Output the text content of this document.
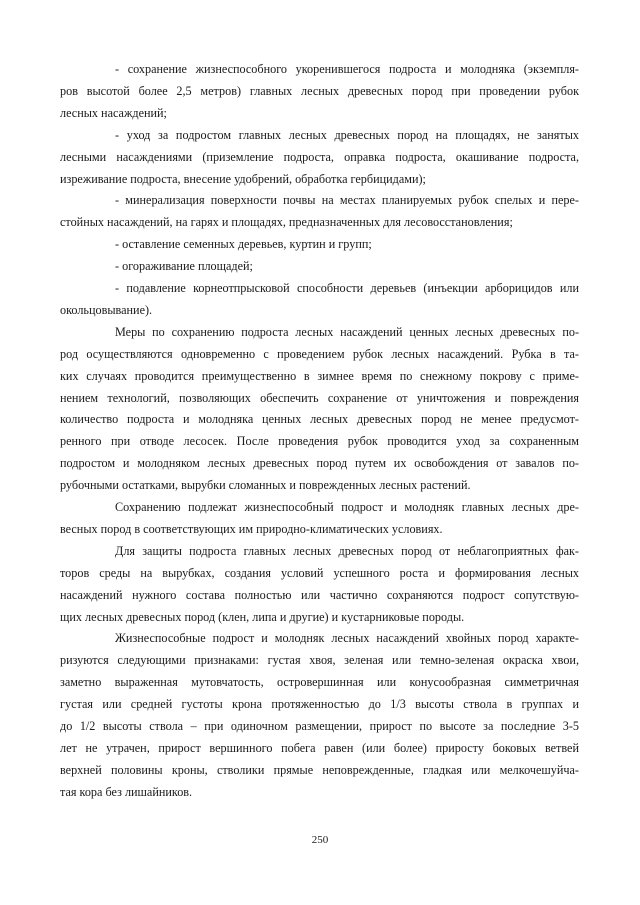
- сохранение жизнеспособного укоренившегося подроста и молодняка (экземпля-
ров высотой более 2,5 метров) главных лесных древесных пород при проведении рубок
лесных насаждений;
- уход за подростом главных лесных древесных пород на площадях, не занятых
лесными насаждениями (приземление подроста, оправка подроста, окашивание подроста,
изреживание подроста, внесение удобрений, обработка гербицидами);
- минерализация поверхности почвы на местах планируемых рубок спелых и пере-
стойных насаждений, на гарях и площадях, предназначенных для лесовосстановления;
- оставление семенных деревьев, куртин и групп;
- огораживание площадей;
- подавление корнеотпрысковой способности деревьев (инъекции арборицидов или
окольцовывание).
Меры по сохранению подроста лесных насаждений ценных лесных древесных по-
род осуществляются одновременно с проведением рубок лесных насаждений. Рубка в та-
ких случаях проводится преимущественно в зимнее время по снежному покрову с приме-
нением технологий, позволяющих обеспечить сохранение от уничтожения и повреждения
количество подроста и молодняка ценных лесных древесных пород не менее предусмот-
ренного при отводе лесосек. После проведения рубок проводится уход за сохраненным
подростом и молодняком лесных древесных пород путем их освобождения от завалов по-
рубочными остатками, вырубки сломанных и поврежденных лесных растений.
Сохранению подлежат жизнеспособный подрост и молодняк главных лесных дре-
весных пород в соответствующих им природно-климатических условиях.
Для защиты подроста главных лесных древесных пород от неблагоприятных фак-
торов среды на вырубках, создания условий успешного роста и формирования лесных
насаждений нужного состава полностью или частично сохраняются подрост сопутствую-
щих лесных древесных пород (клен, липа и другие) и кустарниковые породы.
Жизнеспособные подрост и молодняк лесных насаждений хвойных пород характе-
ризуются следующими признаками: густая хвоя, зеленая или темно-зеленая окраска хвои,
заметно выраженная мутовчатость, островершинная или конусообразная симметричная
густая или средней густоты крона протяженностью до 1/3 высоты ствола в группах и
до 1/2 высоты ствола – при одиночном размещении, прирост по высоте за последние 3-5
лет не утрачен, прирост вершинного побега равен (или более) приросту боковых ветвей
верхней половины кроны, стволики прямые неповрежденные, гладкая или мелкочешуйча-
тая кора без лишайников.
250
